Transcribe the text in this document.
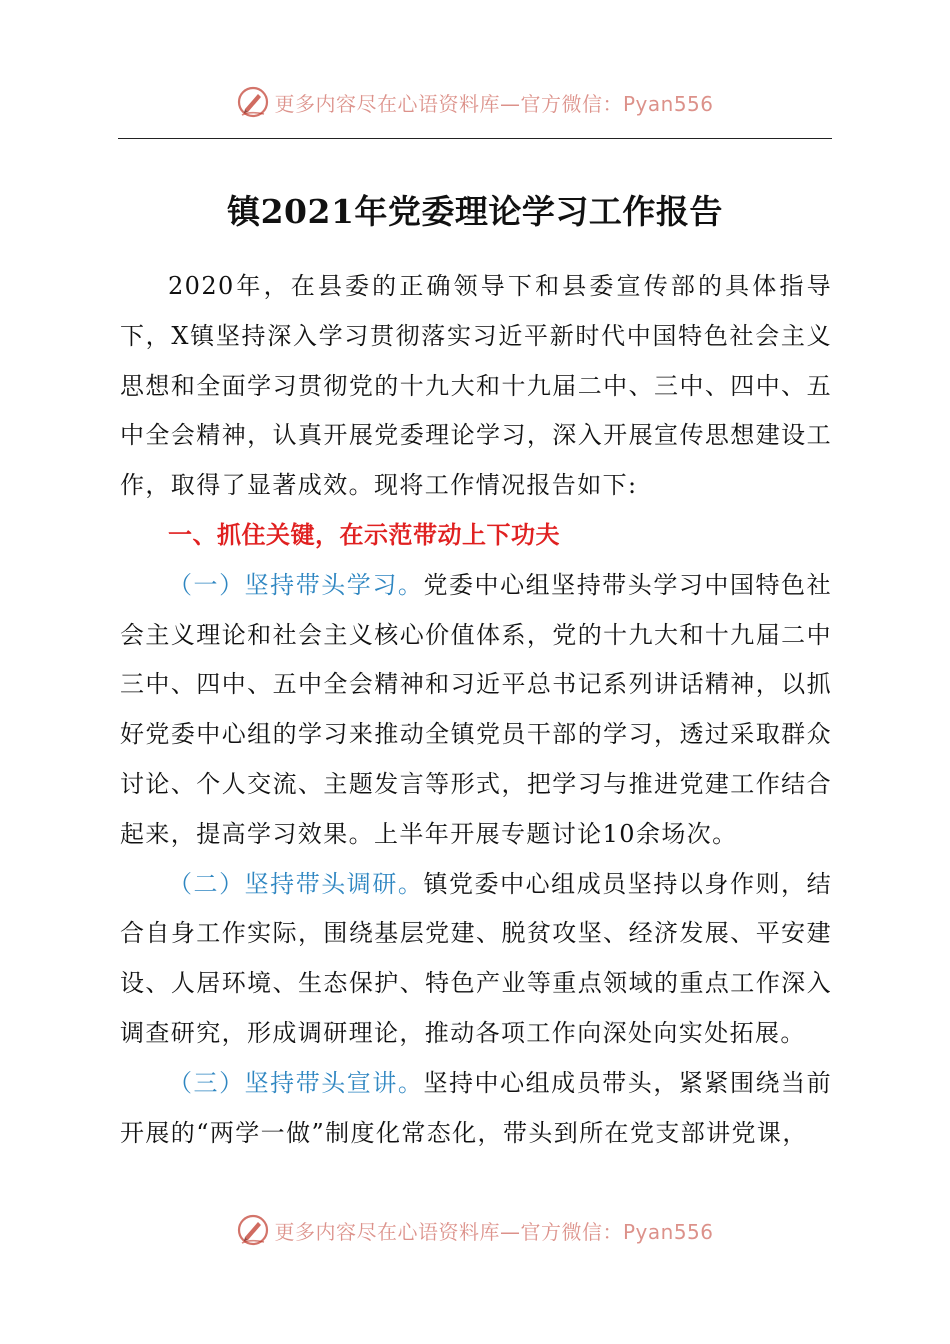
更多内容尽在心语资料库—官方微信：Pyan556
镇2021年党委理论学习工作报告

2020年，在县委的正确领导下和县委宣传部的具体指导下，X镇坚持深入学习贯彻落实习近平新时代中国特色社会主义思想和全面学习贯彻党的十九大和十九届二中、三中、四中、五中全会精神，认真开展党委理论学习，深入开展宣传思想建设工作，取得了显著成效。现将工作情况报告如下:

一、抓住关键，在示范带动上下功夫

（一）坚持带头学习。党委中心组坚持带头学习中国特色社会主义理论和社会主义核心价值体系，党的十九大和十九届二中三中、四中、五中全会精神和习近平总书记系列讲话精神，以抓好党委中心组的学习来推动全镇党员干部的学习，透过采取群众讨论、个人交流、主题发言等形式，把学习与推进党建工作结合起来，提高学习效果。上半年开展专题讨论10余场次。

（二）坚持带头调研。镇党委中心组成员坚持以身作则，结合自身工作实际，围绕基层党建、脱贫攻坚、经济发展、平安建设、人居环境、生态保护、特色产业等重点领域的重点工作深入调查研究，形成调研理论，推动各项工作向深处向实处拓展。

（三）坚持带头宣讲。坚持中心组成员带头，紧紧围绕当前开展的“两学一做”制度化常态化，带头到所在党支部讲党课，

更多内容尽在心语资料库—官方微信：Pyan556
